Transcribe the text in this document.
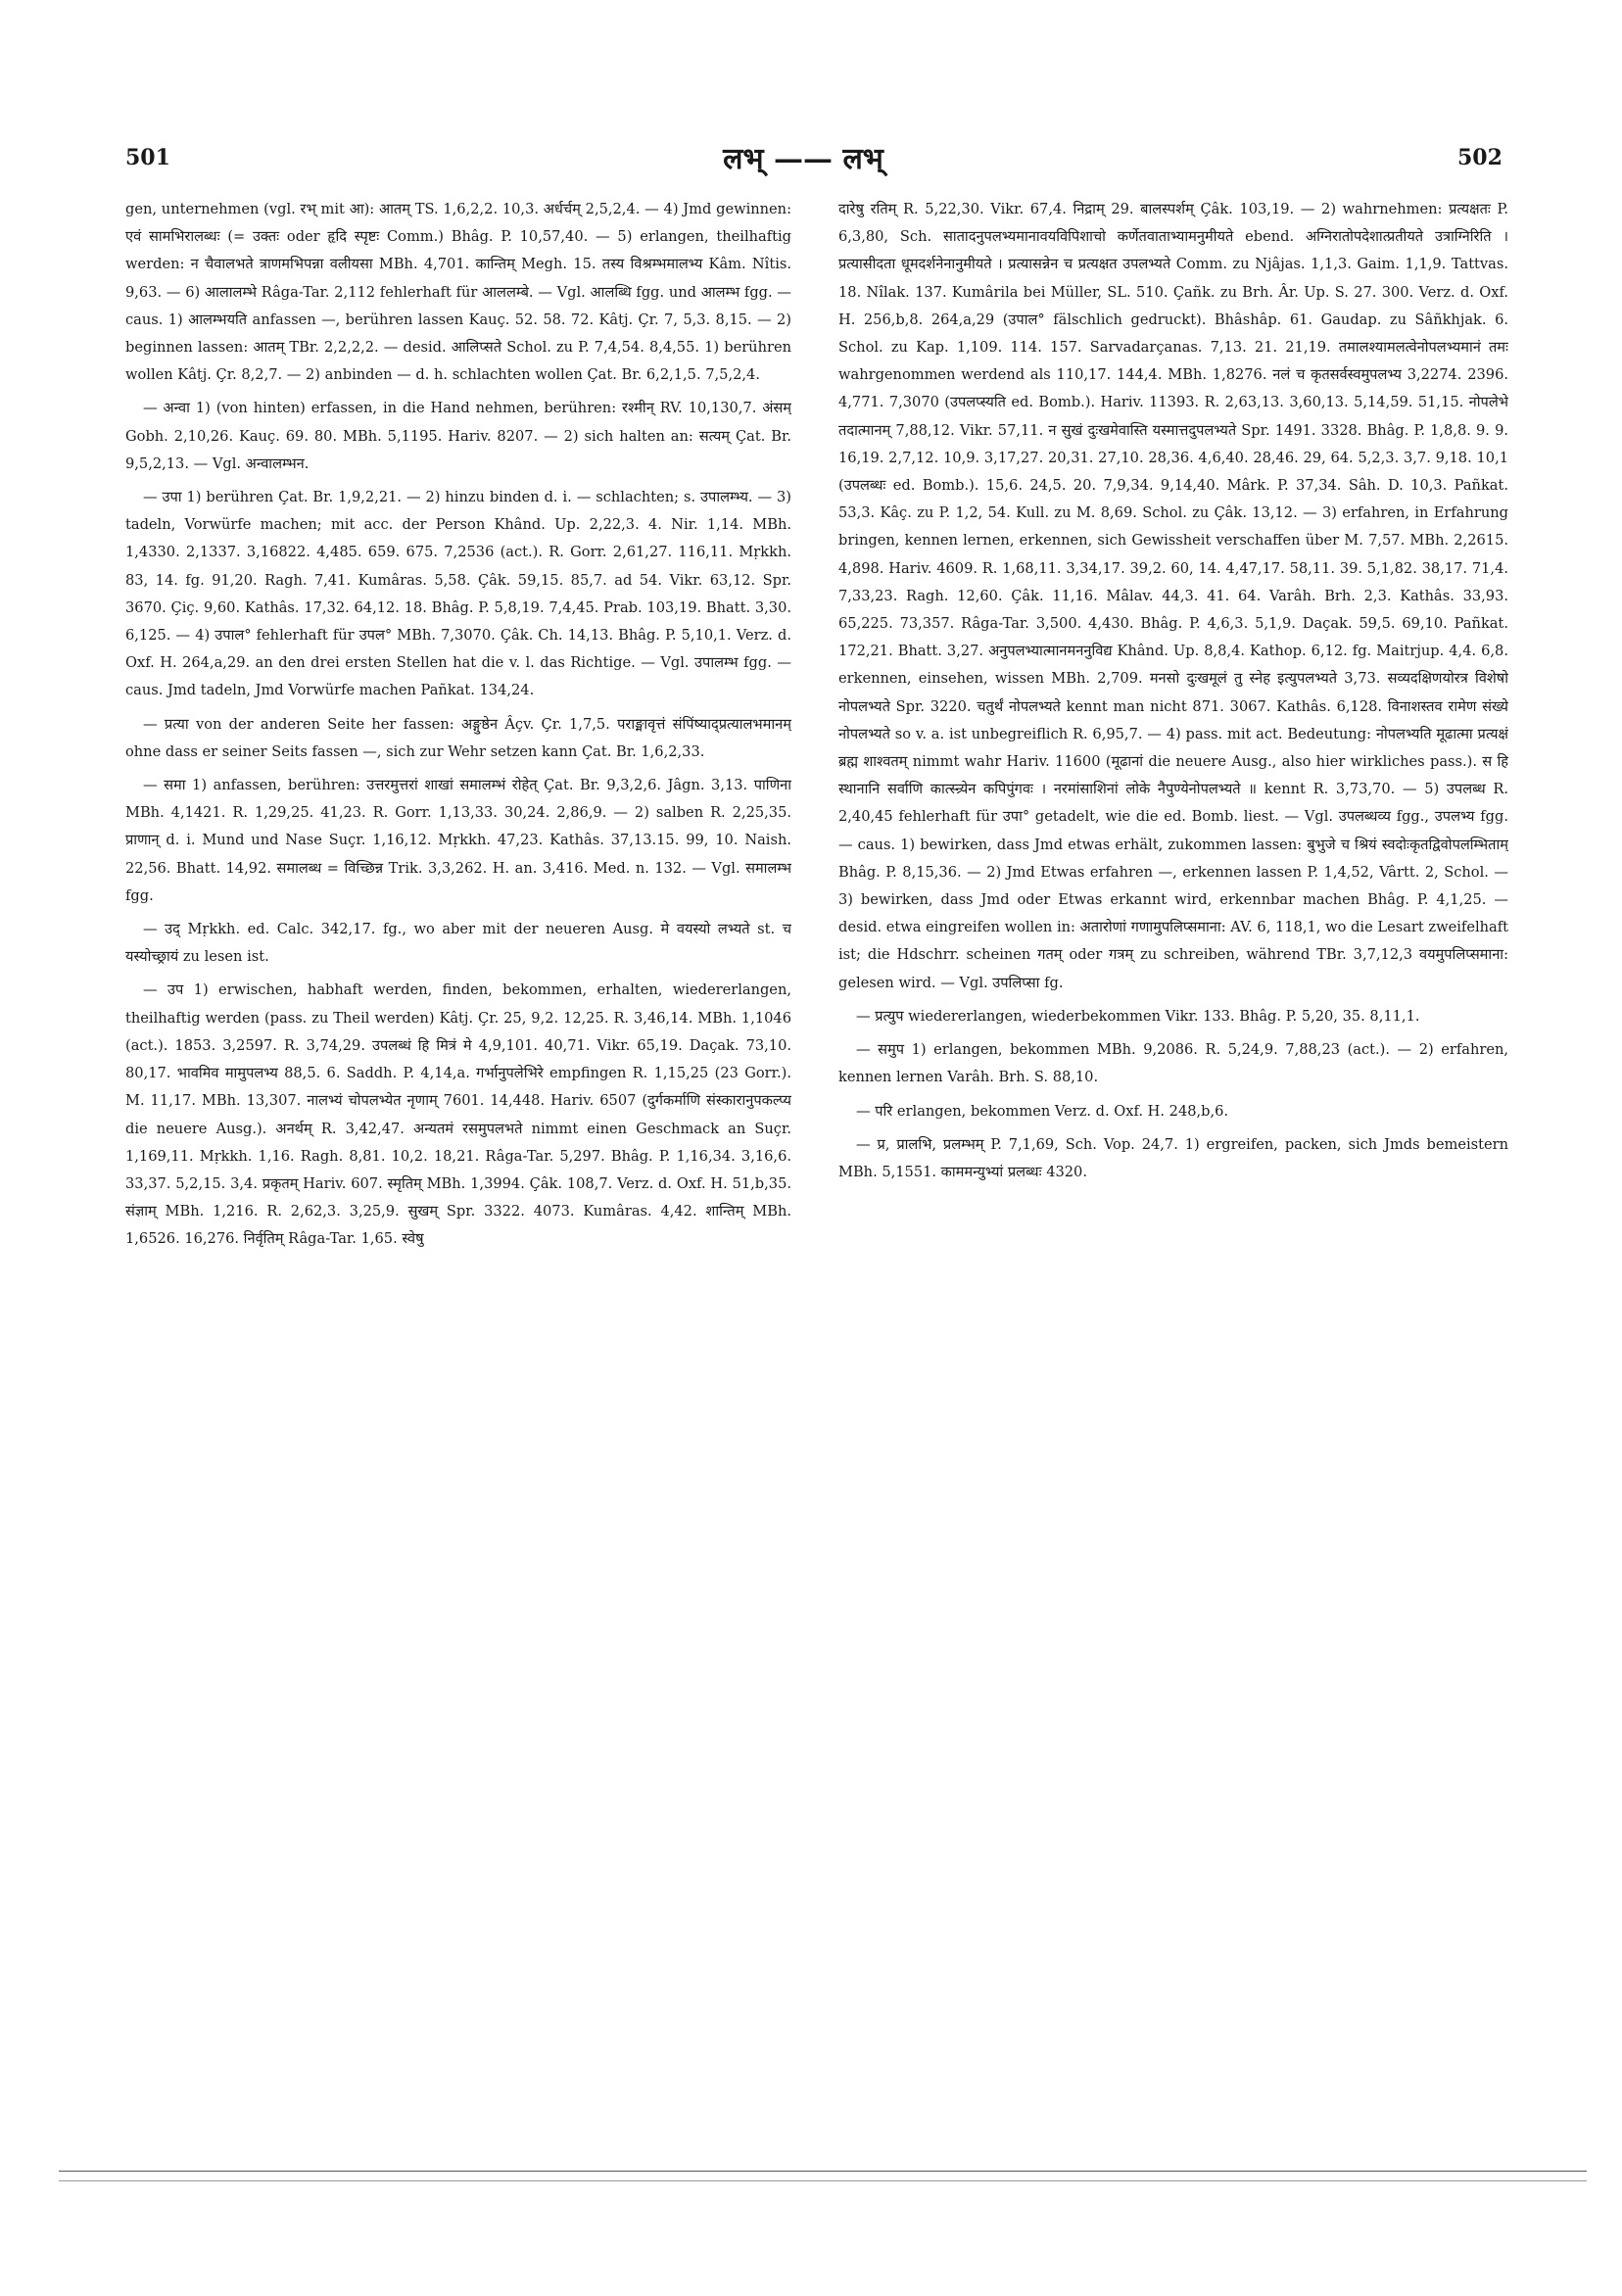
501	लभ् —— लभ्	502

gen, unternehmen (vgl. रभ् mit आ): आतम् TS. 1,6,2,2. 10,3. अर्धर्चम् 2,5,2,4. — 4) Jmd gewinnen: एवं सामभिरालब्धः (= उक्तः oder हृदि स्पृष्टः Comm.) Bhâg. P. 10,57,40. — 5) erlangen, theilhaftig werden: न चैवालभते त्राणमभिपन्ना वलीयसा MBh. 4,701. कान्तिम् Megh. 15. तस्य विश्रम्भमालभ्य Kâm. Nîtis. 9,63. — 6) आलालम्भे Râga-Tar. 2,112 fehlerhaft für आललम्बे. — Vgl. आलब्धि fgg. und आलम्भ fgg. — caus. 1) आलम्भयति anfassen —, berühren lassen Kauç. 52. 58. 72. Kâtj. Çr. 7, 5,3. 8,15. — 2) beginnen lassen: आतम् TBr. 2,2,2,2. — desid. आलिप्सते Schol. zu P. 7,4,54. 8,4,55. 1) berühren wollen Kâtj. Çr. 8,2,7. — 2) anbinden — d. h. schlachten wollen Çat. Br. 6,2,1,5. 7,5,2,4.

— अन्वा 1) (von hinten) erfassen, in die Hand nehmen, berühren: रश्मीन् RV. 10,130,7. अंसम् Gobh. 2,10,26. Kauç. 69. 80. MBh. 5,1195. Hariv. 8207. — 2) sich halten an: सत्यम् Çat. Br. 9,5,2,13. — Vgl. अन्वालम्भन.

— उपा 1) berühren Çat. Br. 1,9,2,21. — 2) hinzu binden d. i. — schlachten; s. उपालम्भ्य. — 3) tadeln, Vorwürfe machen; mit acc. der Person Khând. Up. 2,22,3. 4. Nir. 1,14. MBh. 1,4330. 2,1337. 3,16822. 4,485. 659. 675. 7,2536 (act.). R. Gorr. 2,61,27. 116,11. Mṛkkh. 83, 14. fg. 91,20. Ragh. 7,41. Kumâras. 5,58. Çâk. 59,15. 85,7. ad 54. Vikr. 63,12. Spr. 3670. Çiç. 9,60. Kathâs. 17,32. 64,12. 18. Bhâg. P. 5,8,19. 7,4,45. Prab. 103,19. Bhatt. 3,30. 6,125. — 4) उपाल° fehlerhaft für उपल° MBh. 7,3070. Çâk. Ch. 14,13. Bhâg. P. 5,10,1. Verz. d. Oxf. H. 264,a,29. an den drei ersten Stellen hat die v. l. das Richtige. — Vgl. उपालम्भ fgg. — caus. Jmd tadeln, Jmd Vorwürfe machen Pañkat. 134,24.

— प्रत्या von der anderen Seite her fassen: अङ्गुष्ठेन Âçv. Çr. 1,7,5. पराङ्मावृत्तं संपिंष्याद्प्रत्यालभमानम् ohne dass er seiner Seits fassen —, sich zur Wehr setzen kann Çat. Br. 1,6,2,33.

— समा 1) anfassen, berühren: उत्तरमुत्तरां शाखां समालम्भं रोहेत् Çat. Br. 9,3,2,6. Jâgn. 3,13. पाणिना MBh. 4,1421. R. 1,29,25. 41,23. R. Gorr. 1,13,33. 30,24. 2,86,9. — 2) salben R. 2,25,35. प्राणान् d. i. Mund und Nase Suçr. 1,16,12. Mṛkkh. 47,23. Kathâs. 37,13.15. 99, 10. Naish. 22,56. Bhatt. 14,92. समालब्ध = विच्छिन्न Trik. 3,3,262. H. an. 3,416. Med. n. 132. — Vgl. समालम्भ fgg.

— उद् Mṛkkh. ed. Calc. 342,17. fg., wo aber mit der neueren Ausg. मे वयस्यो लभ्यते st. च यस्योच्छ्रायं zu lesen ist.

— उप 1) erwischen, habhaft werden, finden, bekommen, erhalten, wiedererlangen, theilhaftig werden (pass. zu Theil werden) Kâtj. Çr. 25, 9,2. 12,25. R. 3,46,14. MBh. 1,1046 (act.). 1853. 3,2597. R. 3,74,29. उपलब्धं हि मित्रं मे 4,9,101. 40,71. Vikr. 65,19. Daçak. 73,10. 80,17. भावमिव मामुपलभ्य 88,5. 6. Saddh. P. 4,14,a. गर्भानुपलेभिरे empfingen R. 1,15,25 (23 Gorr.). M. 11,17. MBh. 13,307. नालभ्यं चोपलभ्येत नृणाम् 7601. 14,448. Hariv. 6507 (दुर्गकर्माणि संस्कारानुपकल्प्य die neuere Ausg.). अनर्थम् R. 3,42,47. अन्यतमं रसमुपलभते nimmt einen Geschmack an Suçr. 1,169,11. Mṛkkh. 1,16. Ragh. 8,81. 10,2. 18,21. Râga-Tar. 5,297. Bhâg. P. 1,16,34. 3,16,6. 33,37. 5,2,15. 3,4. प्रकृतम् Hariv. 607. स्मृतिम् MBh. 1,3994. Çâk. 108,7. Verz. d. Oxf. H. 51,b,35. संज्ञाम् MBh. 1,216. R. 2,62,3. 3,25,9. सुखम् Spr. 3322. 4073. Kumâras. 4,42. शान्तिम् MBh. 1,6526. 16,276. निर्वृतिम् Râga-Tar. 1,65. स्वेषु

दारेषु रतिम् R. 5,22,30. Vikr. 67,4. निद्राम् 29. बालस्पर्शम् Çâk. 103,19. — 2) wahrnehmen: प्रत्यक्षतः P. 6,3,80, Sch. सातादनुपलभ्यमानावयविपिशाचो कर्णेतवाताभ्यामनुमीयते ebend. अग्निरातोपदेशात्प्रतीयते उत्राग्निरिति । प्रत्यासीदता धूमदर्शनेनानुमीयते । प्रत्यासन्नेन च प्रत्यक्षत उपलभ्यते Comm. zu Njâjas. 1,1,3. Gaim. 1,1,9. Tattvas. 18. Nîlak. 137. Kumârila bei Müller, SL. 510. Çañk. zu Brh. Âr. Up. S. 27. 300. Verz. d. Oxf. H. 256,b,8. 264,a,29 (उपाल° fälschlich gedruckt). Bhâshâp. 61. Gaudap. zu Sâñkhjak. 6. Schol. zu Kap. 1,109. 114. 157. Sarvadarçanas. 7,13. 21. 21,19. तमालश्यामलत्वेनोपलभ्यमानं तमः wahrgenommen werdend als 110,17. 144,4. MBh. 1,8276. नलं च कृतसर्वस्वमुपलभ्य 3,2274. 2396. 4,771. 7,3070 (उपलप्स्यति ed. Bomb.). Hariv. 11393. R. 2,63,13. 3,60,13. 5,14,59. 51,15. नोपलेभे तदात्मानम् 7,88,12. Vikr. 57,11. न सुखं दुःखमेवास्ति यस्मात्तदुपलभ्यते Spr. 1491. 3328. Bhâg. P. 1,8,8. 9. 9. 16,19. 2,7,12. 10,9. 3,17,27. 20,31. 27,10. 28,36. 4,6,40. 28,46. 29, 64. 5,2,3. 3,7. 9,18. 10,1 (उपलब्धः ed. Bomb.). 15,6. 24,5. 20. 7,9,34. 9,14,40. Mârk. P. 37,34. Sâh. D. 10,3. Pañkat. 53,3. Kâç. zu P. 1,2, 54. Kull. zu M. 8,69. Schol. zu Çâk. 13,12. — 3) erfahren, in Erfahrung bringen, kennen lernen, erkennen, sich Gewissheit verschaffen über M. 7,57. MBh. 2,2615. 4,898. Hariv. 4609. R. 1,68,11. 3,34,17. 39,2. 60, 14. 4,47,17. 58,11. 39. 5,1,82. 38,17. 71,4. 7,33,23. Ragh. 12,60. Çâk. 11,16. Mâlav. 44,3. 41. 64. Varâh. Brh. 2,3. Kathâs. 33,93. 65,225. 73,357. Râga-Tar. 3,500. 4,430. Bhâg. P. 4,6,3. 5,1,9. Daçak. 59,5. 69,10. Pañkat. 172,21. Bhatt. 3,27. अनुपलभ्यात्मानमननुविद्य Khând. Up. 8,8,4. Kathop. 6,12. fg. Maitrjup. 4,4. 6,8. erkennen, einsehen, wissen MBh. 2,709. मनसो दुःखमूलं तु स्नेह इत्युपलभ्यते 3,73. सव्यदक्षिणयोरत्र विशेषो नोपलभ्यते Spr. 3220. चतुर्थं नोपलभ्यते kennt man nicht 871. 3067. Kathâs. 6,128. विनाशस्तव रामेण संख्ये नोपलभ्यते so v. a. ist unbegreiflich R. 6,95,7. — 4) pass. mit act. Bedeutung: नोपलभ्यति मूढात्मा प्रत्यक्षं ब्रह्म शाश्वतम् nimmt wahr Hariv. 11600 (मूढानां die neuere Ausg., also hier wirkliches pass.). स हि स्थानानि सर्वाणि कात्स्न्र्येन कपिपुंगवः । नरमांसाशिनां लोके नैपुण्येनोपलभ्यते ॥ kennt R. 3,73,70. — 5) उपलब्ध R. 2,40,45 fehlerhaft für उपा° getadelt, wie die ed. Bomb. liest. — Vgl. उपलब्धव्य fgg., उपलभ्य fgg. — caus. 1) bewirken, dass Jmd etwas erhält, zukommen lassen: बुभुजे च श्रियं स्वदोःकृतद्विवोपलम्भिताम् Bhâg. P. 8,15,36. — 2) Jmd Etwas erfahren —, erkennen lassen P. 1,4,52, Vârtt. 2, Schol. — 3) bewirken, dass Jmd oder Etwas erkannt wird, erkennbar machen Bhâg. P. 4,1,25. — desid. etwa eingreifen wollen in: अतारोणां गणामुपलिप्समाना: AV. 6, 118,1, wo die Lesart zweifelhaft ist; die Hdschrr. scheinen गतम् oder गत्रम् zu schreiben, während TBr. 3,7,12,3 वयमुपलिप्समाना: gelesen wird. — Vgl. उपलिप्सा fg.

— प्रत्युप wiedererlangen, wiederbekommen Vikr. 133. Bhâg. P. 5,20, 35. 8,11,1.

— समुप 1) erlangen, bekommen MBh. 9,2086. R. 5,24,9. 7,88,23 (act.). — 2) erfahren, kennen lernen Varâh. Brh. S. 88,10.

— परि erlangen, bekommen Verz. d. Oxf. H. 248,b,6.

— प्र, प्रालभि, प्रलम्भम् P. 7,1,69, Sch. Vop. 24,7. 1) ergreifen, packen, sich Jmds bemeistern MBh. 5,1551. काममन्युभ्यां प्रलब्धः 4320.
